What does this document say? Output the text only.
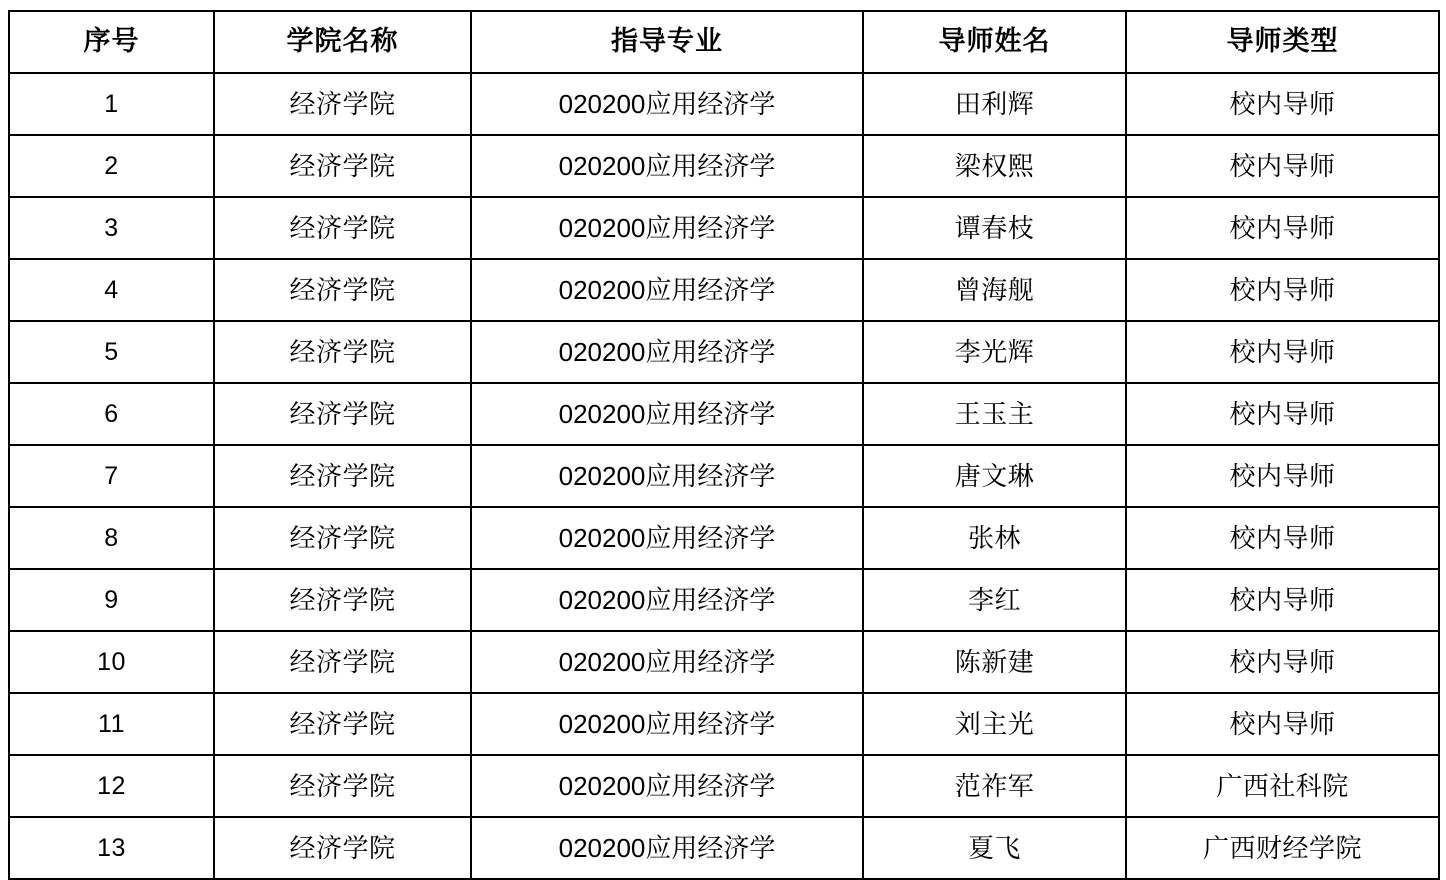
序号	学院名称	指导专业	导师姓名	导师类型
1	经济学院	020200应用经济学	田利辉	校内导师
2	经济学院	020200应用经济学	梁权熙	校内导师
3	经济学院	020200应用经济学	谭春枝	校内导师
4	经济学院	020200应用经济学	曾海舰	校内导师
5	经济学院	020200应用经济学	李光辉	校内导师
6	经济学院	020200应用经济学	王玉主	校内导师
7	经济学院	020200应用经济学	唐文琳	校内导师
8	经济学院	020200应用经济学	张林	校内导师
9	经济学院	020200应用经济学	李红	校内导师
10	经济学院	020200应用经济学	陈新建	校内导师
11	经济学院	020200应用经济学	刘主光	校内导师
12	经济学院	020200应用经济学	范祚军	广西社科院
13	经济学院	020200应用经济学	夏飞	广西财经学院
